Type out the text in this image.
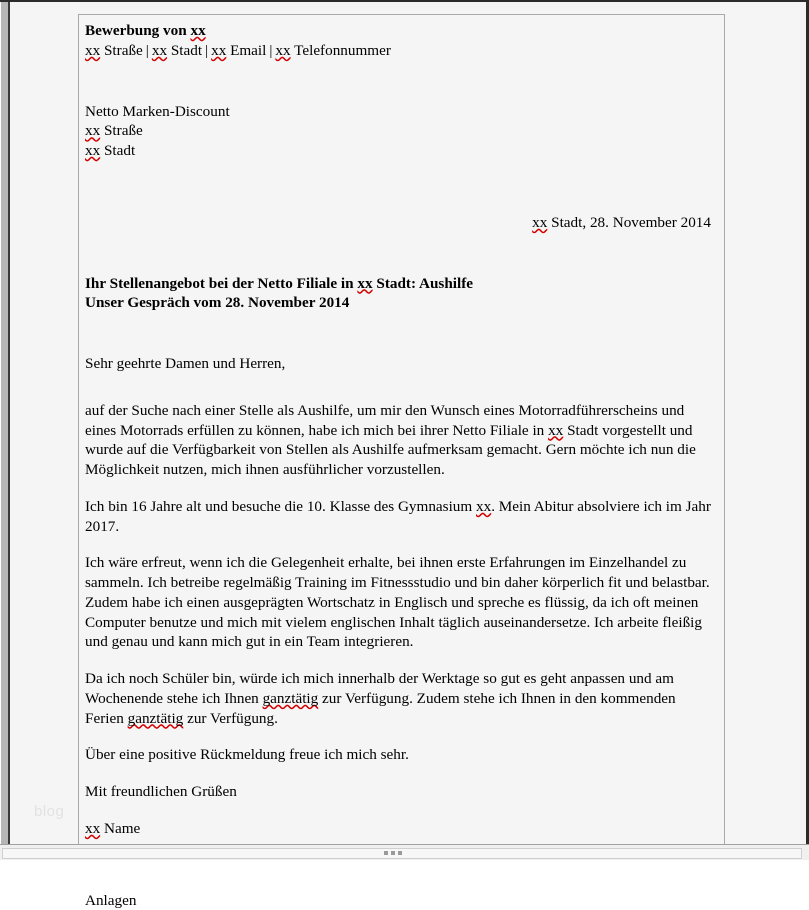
Bewerbung von xx
xx Straße | xx Stadt | xx Email | xx Telefonnummer
Netto Marken-Discount
xx Straße
xx Stadt
xx Stadt, 28. November 2014
Ihr Stellenangebot bei der Netto Filiale in xx Stadt: Aushilfe
Unser Gespräch vom 28. November 2014
Sehr geehrte Damen und Herren,

auf der Suche nach einer Stelle als Aushilfe, um mir den Wunsch eines Motorradführerscheins und eines Motorrads erfüllen zu können, habe ich mich bei ihrer Netto Filiale in xx Stadt vorgestellt und wurde auf die Verfügbarkeit von Stellen als Aushilfe aufmerksam gemacht. Gern möchte ich nun die Möglichkeit nutzen, mich ihnen ausführlicher vorzustellen.

Ich bin 16 Jahre alt und besuche die 10. Klasse des Gymnasium xx. Mein Abitur absolviere ich im Jahr 2017.

Ich wäre erfreut, wenn ich die Gelegenheit erhalte, bei ihnen erste Erfahrungen im Einzelhandel zu sammeln. Ich betreibe regelmäßig Training im Fitnessstudio und bin daher körperlich fit und belastbar. Zudem habe ich einen ausgeprägten Wortschatz in Englisch und spreche es flüssig, da ich oft meinen Computer benutze und mich mit vielem englischen Inhalt täglich auseinandersetze. Ich arbeite fleißig und genau und kann mich gut in ein Team integrieren.

Da ich noch Schüler bin, würde ich mich innerhalb der Werktage so gut es geht anpassen und am Wochenende stehe ich Ihnen ganztätig zur Verfügung. Zudem stehe ich Ihnen in den kommenden Ferien ganztätig zur Verfügung.

Über eine positive Rückmeldung freue ich mich sehr.

Mit freundlichen Grüßen

xx Name

Anlagen
blog
